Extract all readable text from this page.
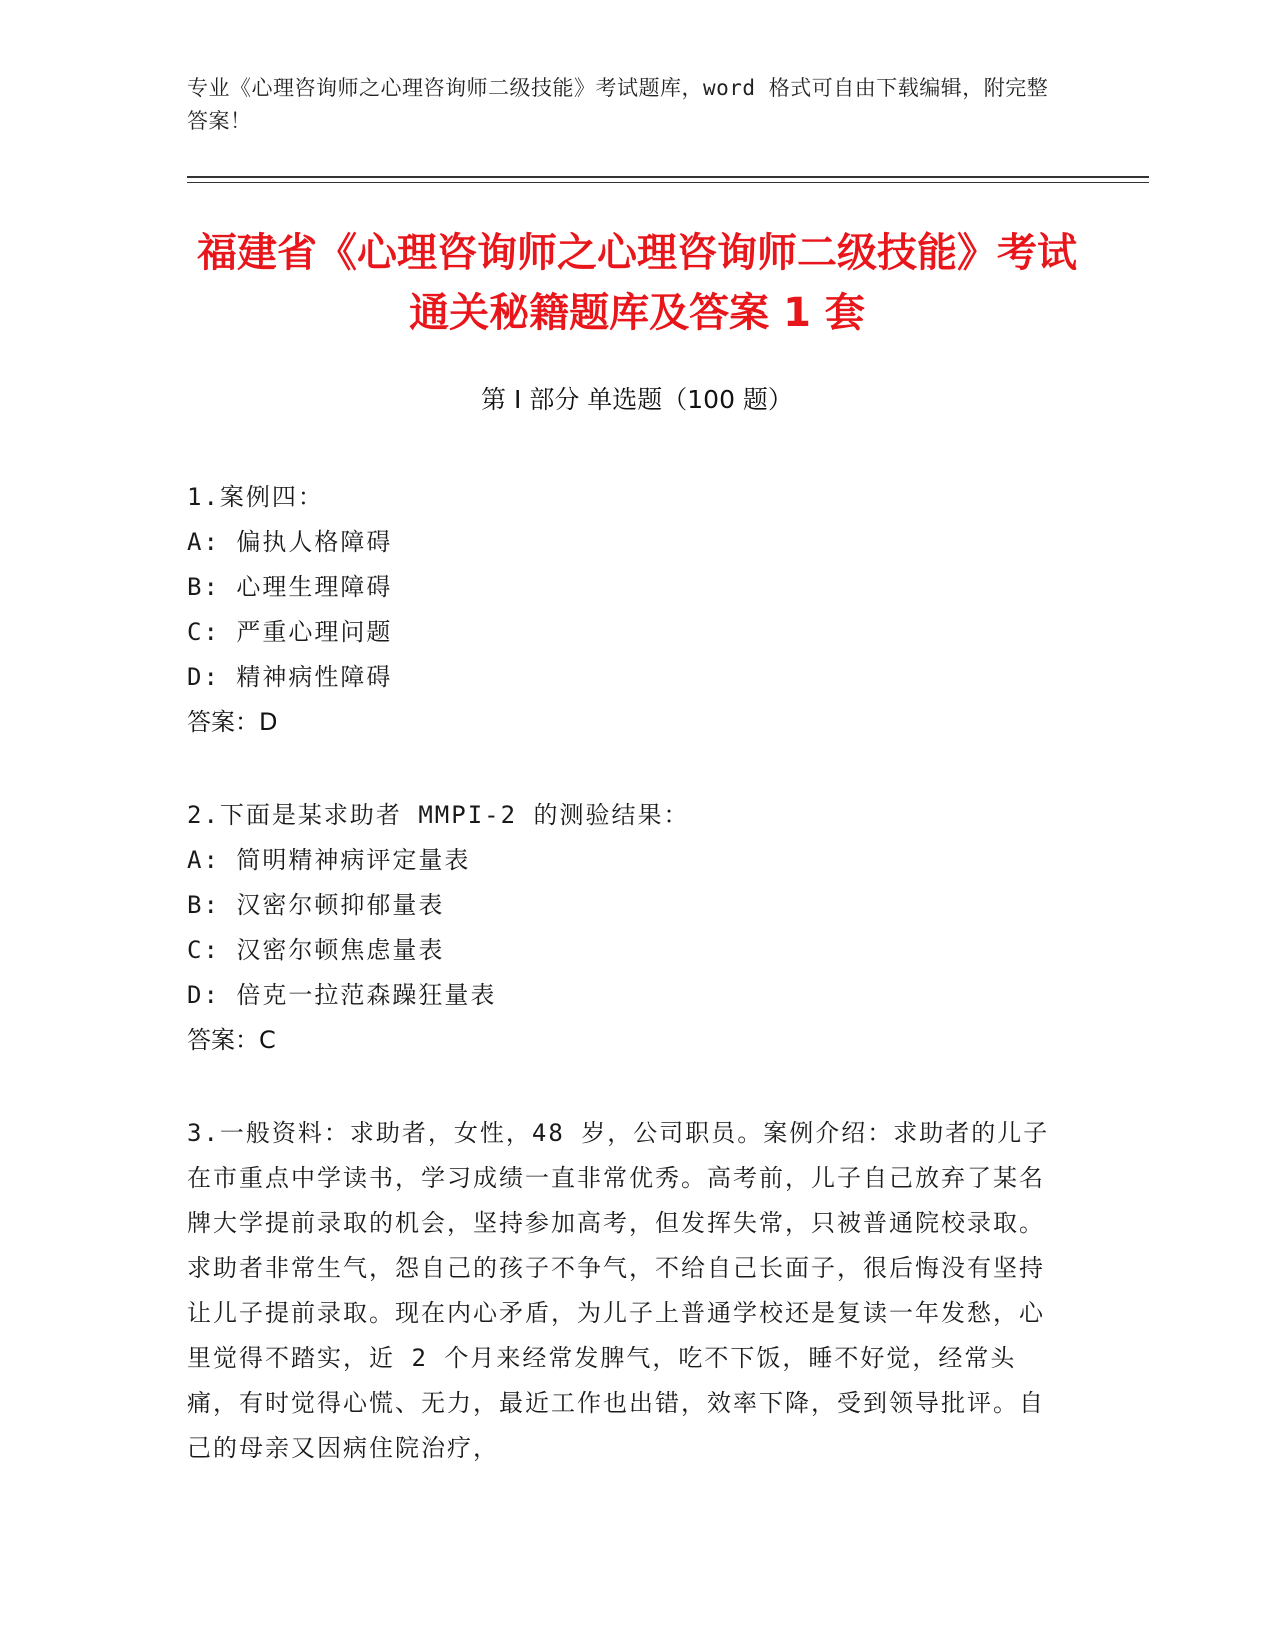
专业《心理咨询师之心理咨询师二级技能》考试题库，word 格式可自由下载编辑，附完整答案！
福建省《心理咨询师之心理咨询师二级技能》考试通关秘籍题库及答案 1 套
第 I 部分 单选题（100 题）
1.案例四：
A: 偏执人格障碍
B: 心理生理障碍
C: 严重心理问题
D: 精神病性障碍
答案：D
2.下面是某求助者 MMPI-2 的测验结果：
A: 简明精神病评定量表
B: 汉密尔顿抑郁量表
C: 汉密尔顿焦虑量表
D: 倍克一拉范森躁狂量表
答案：C
3.一般资料：求助者，女性，48 岁，公司职员。案例介绍：求助者的儿子在市重点中学读书，学习成绩一直非常优秀。高考前，儿子自己放弃了某名牌大学提前录取的机会，坚持参加高考，但发挥失常，只被普通院校录取。求助者非常生气，怨自己的孩子不争气，不给自己长面子，很后悔没有坚持让儿子提前录取。现在内心矛盾，为儿子上普通学校还是复读一年发愁，心里觉得不踏实，近 2 个月来经常发脾气，吃不下饭，睡不好觉，经常头痛，有时觉得心慌、无力，最近工作也出错，效率下降，受到领导批评。自己的母亲又因病住院治疗，
